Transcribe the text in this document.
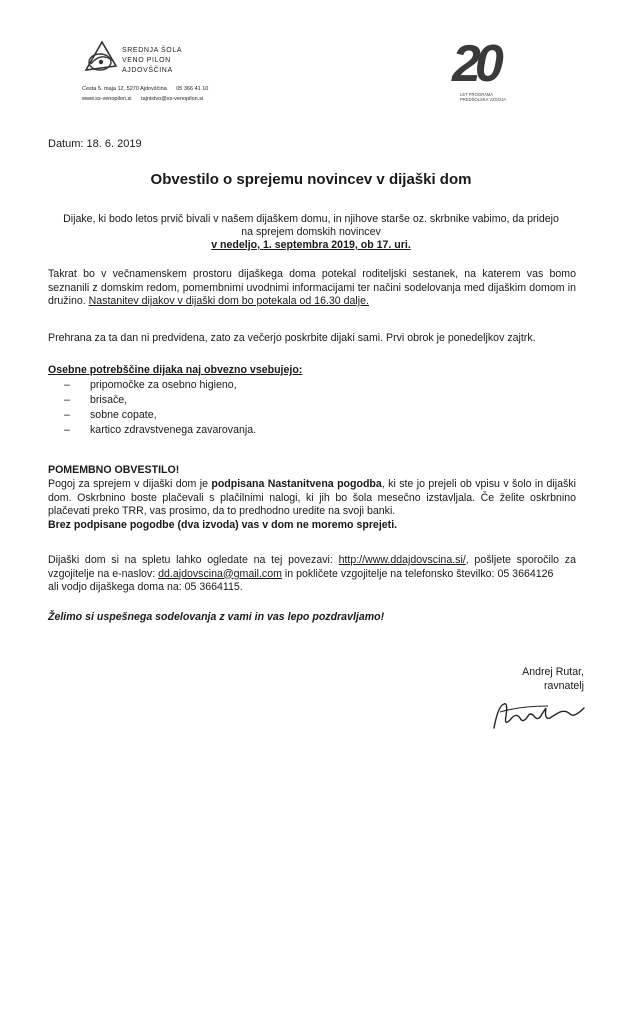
SREDNJA ŠOLA
VENO PILON
AJDOVŠČINA
Cesta 5. maja 12, 5270 Ajdovščina 05 366 41 10
www.ss-venopilon.si tajnistvo@ss-venopilon.si
20
LET PROGRAMA
PREDŠOLSKA VZGOJA
Datum: 18. 6. 2019
Obvestilo o sprejemu novincev v dijaški dom
Dijake, ki bodo letos prvič bivali v našem dijaškem domu, in njihove starše oz. skrbnike vabimo, da pridejo
na sprejem domskih novincev
v nedeljo, 1. septembra 2019, ob 17. uri.
Takrat bo v večnamenskem prostoru dijaškega doma potekal roditeljski sestanek, na katerem vas bomo seznanili z domskim redom, pomembnimi uvodnimi informacijami ter načini sodelovanja med dijaškim domom in družino. Nastanitev dijakov v dijaški dom bo potekala od 16.30 dalje.
Prehrana za ta dan ni predvidena, zato za večerjo poskrbite dijaki sami. Prvi obrok je ponedeljkov zajtrk.
Osebne potrebščine dijaka naj obvezno vsebujejo:
– pripomočke za osebno higieno,
– brisače,
– sobne copate,
– kartico zdravstvenega zavarovanja.
POMEMBNO OBVESTILO!
Pogoj za sprejem v dijaški dom je podpisana Nastanitvena pogodba, ki ste jo prejeli ob vpisu v šolo in dijaški dom. Oskrbnino boste plačevali s plačilnimi nalogi, ki jih bo šola mesečno izstavljala. Če želite oskrbnino plačevati preko TRR, vas prosimo, da to predhodno uredite na svoji banki.
Brez podpisane pogodbe (dva izvoda) vas v dom ne moremo sprejeti.
Dijaški dom si na spletu lahko ogledate na tej povezavi: http://www.ddajdovscina.si/, pošljete sporočilo za vzgojitelje na e-naslov: dd.ajdovscina@gmail.com in pokličete vzgojitelje na telefonsko številko: 05 3664126
ali vodjo dijaškega doma na: 05 3664115.
Želimo si uspešnega sodelovanja z vami in vas lepo pozdravljamo!
Andrej Rutar,
ravnatelj
